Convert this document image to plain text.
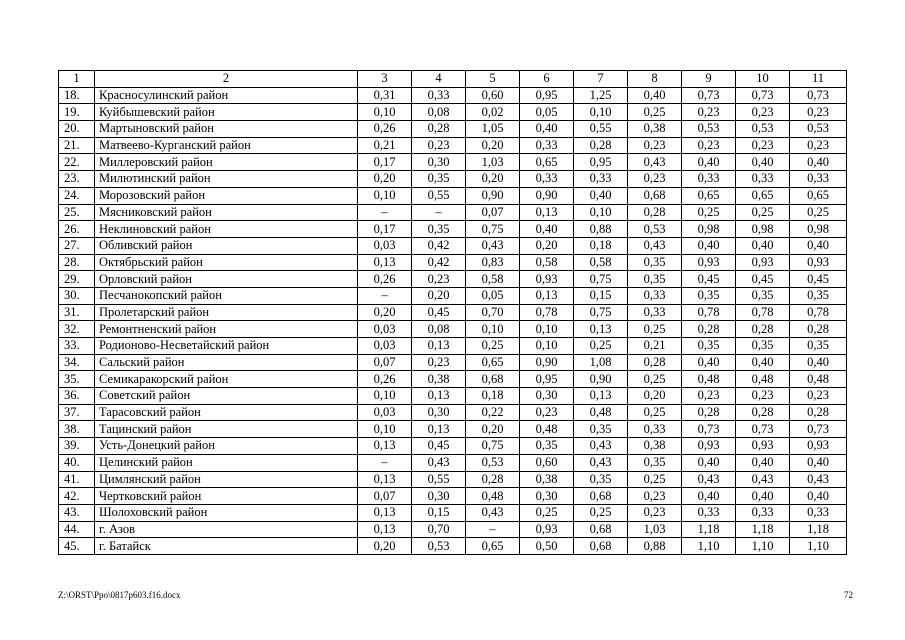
1	2	3	4	5	6	7	8	9	10	11
18.	Красносулинский район	0,31	0,33	0,60	0,95	1,25	0,40	0,73	0,73	0,73
19.	Куйбышевский район	0,10	0,08	0,02	0,05	0,10	0,25	0,23	0,23	0,23
20.	Мартыновский район	0,26	0,28	1,05	0,40	0,55	0,38	0,53	0,53	0,53
21.	Матвеево-Курганский район	0,21	0,23	0,20	0,33	0,28	0,23	0,23	0,23	0,23
22.	Миллеровский район	0,17	0,30	1,03	0,65	0,95	0,43	0,40	0,40	0,40
23.	Милютинский район	0,20	0,35	0,20	0,33	0,33	0,23	0,33	0,33	0,33
24.	Морозовский район	0,10	0,55	0,90	0,90	0,40	0,68	0,65	0,65	0,65
25.	Мясниковский район	–	–	0,07	0,13	0,10	0,28	0,25	0,25	0,25
26.	Неклиновский район	0,17	0,35	0,75	0,40	0,88	0,53	0,98	0,98	0,98
27.	Обливский район	0,03	0,42	0,43	0,20	0,18	0,43	0,40	0,40	0,40
28.	Октябрьский район	0,13	0,42	0,83	0,58	0,58	0,35	0,93	0,93	0,93
29.	Орловский район	0,26	0,23	0,58	0,93	0,75	0,35	0,45	0,45	0,45
30.	Песчанокопский район	–	0,20	0,05	0,13	0,15	0,33	0,35	0,35	0,35
31.	Пролетарский район	0,20	0,45	0,70	0,78	0,75	0,33	0,78	0,78	0,78
32.	Ремонтненский район	0,03	0,08	0,10	0,10	0,13	0,25	0,28	0,28	0,28
33.	Родионово-Несветайский район	0,03	0,13	0,25	0,10	0,25	0,21	0,35	0,35	0,35
34.	Сальский район	0,07	0,23	0,65	0,90	1,08	0,28	0,40	0,40	0,40
35.	Семикаракорский район	0,26	0,38	0,68	0,95	0,90	0,25	0,48	0,48	0,48
36.	Советский район	0,10	0,13	0,18	0,30	0,13	0,20	0,23	0,23	0,23
37.	Тарасовский район	0,03	0,30	0,22	0,23	0,48	0,25	0,28	0,28	0,28
38.	Тацинский район	0,10	0,13	0,20	0,48	0,35	0,33	0,73	0,73	0,73
39.	Усть-Донецкий район	0,13	0,45	0,75	0,35	0,43	0,38	0,93	0,93	0,93
40.	Целинский район	–	0,43	0,53	0,60	0,43	0,35	0,40	0,40	0,40
41.	Цимлянский район	0,13	0,55	0,28	0,38	0,35	0,25	0,43	0,43	0,43
42.	Чертковский район	0,07	0,30	0,48	0,30	0,68	0,23	0,40	0,40	0,40
43.	Шолоховский район	0,13	0,15	0,43	0,25	0,25	0,23	0,33	0,33	0,33
44.	г. Азов	0,13	0,70	–	0,93	0,68	1,03	1,18	1,18	1,18
45.	г. Батайск	0,20	0,53	0,65	0,50	0,68	0,88	1,10	1,10	1,10
Z:\ORST\Ppo\0817p603.f16.docx	72
